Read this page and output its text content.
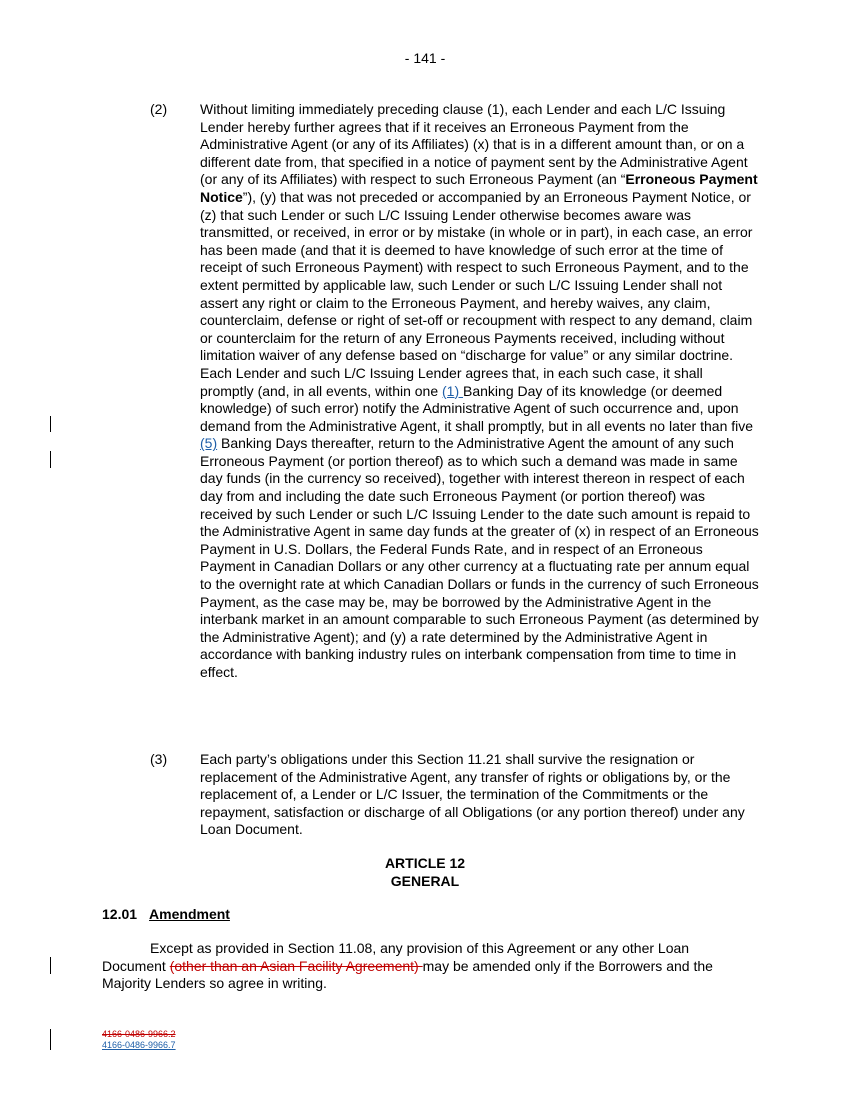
- 141 -
(2) Without limiting immediately preceding clause (1), each Lender and each L/C Issuing Lender hereby further agrees that if it receives an Erroneous Payment from the Administrative Agent (or any of its Affiliates) (x) that is in a different amount than, or on a different date from, that specified in a notice of payment sent by the Administrative Agent (or any of its Affiliates) with respect to such Erroneous Payment (an “Erroneous Payment Notice”), (y) that was not preceded or accompanied by an Erroneous Payment Notice, or (z) that such Lender or such L/C Issuing Lender otherwise becomes aware was transmitted, or received, in error or by mistake (in whole or in part), in each case, an error has been made (and that it is deemed to have knowledge of such error at the time of receipt of such Erroneous Payment) with respect to such Erroneous Payment, and to the extent permitted by applicable law, such Lender or such L/C Issuing Lender shall not assert any right or claim to the Erroneous Payment, and hereby waives, any claim, counterclaim, defense or right of set-off or recoupment with respect to any demand, claim or counterclaim for the return of any Erroneous Payments received, including without limitation waiver of any defense based on “discharge for value” or any similar doctrine. Each Lender and such L/C Issuing Lender agrees that, in each such case, it shall promptly (and, in all events, within one (1) Banking Day of its knowledge (or deemed knowledge) of such error) notify the Administrative Agent of such occurrence and, upon demand from the Administrative Agent, it shall promptly, but in all events no later than five (5) Banking Days thereafter, return to the Administrative Agent the amount of any such Erroneous Payment (or portion thereof) as to which such a demand was made in same day funds (in the currency so received), together with interest thereon in respect of each day from and including the date such Erroneous Payment (or portion thereof) was received by such Lender or such L/C Issuing Lender to the date such amount is repaid to the Administrative Agent in same day funds at the greater of (x) in respect of an Erroneous Payment in U.S. Dollars, the Federal Funds Rate, and in respect of an Erroneous Payment in Canadian Dollars or any other currency at a fluctuating rate per annum equal to the overnight rate at which Canadian Dollars or funds in the currency of such Erroneous Payment, as the case may be, may be borrowed by the Administrative Agent in the interbank market in an amount comparable to such Erroneous Payment (as determined by the Administrative Agent); and (y) a rate determined by the Administrative Agent in accordance with banking industry rules on interbank compensation from time to time in effect.
(3) Each party’s obligations under this Section 11.21 shall survive the resignation or replacement of the Administrative Agent, any transfer of rights or obligations by, or the replacement of, a Lender or L/C Issuer, the termination of the Commitments or the repayment, satisfaction or discharge of all Obligations (or any portion thereof) under any Loan Document.
ARTICLE 12
GENERAL
12.01 Amendment
Except as provided in Section 11.08, any provision of this Agreement or any other Loan Document (other than an Asian Facility Agreement) may be amended only if the Borrowers and the Majority Lenders so agree in writing.
4166-0486-9966.2
4166-0486-9966.7
